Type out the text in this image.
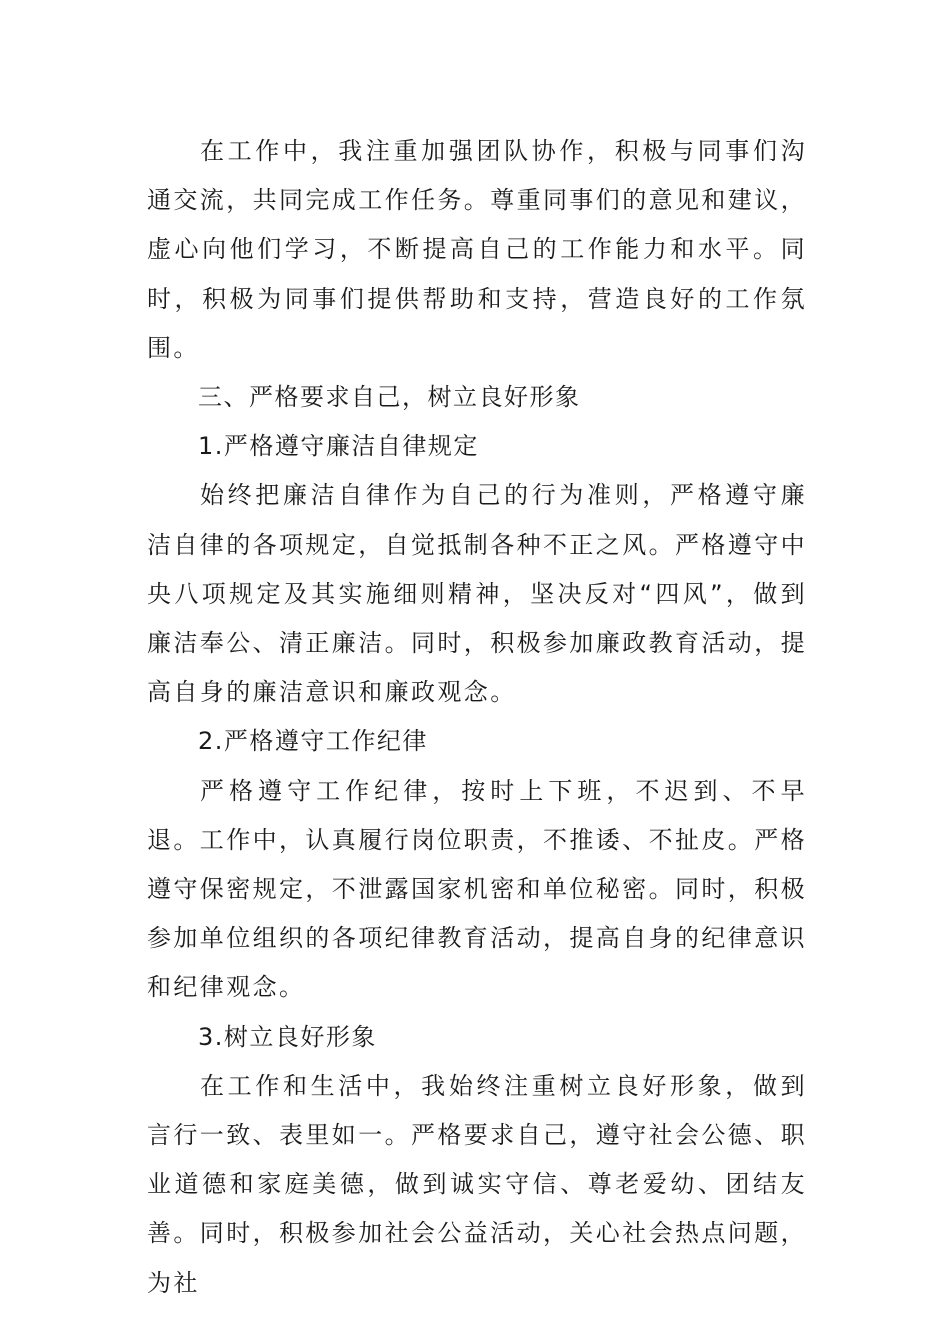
在工作中，我注重加强团队协作，积极与同事们沟通交流，共同完成工作任务。尊重同事们的意见和建议，虚心向他们学习，不断提高自己的工作能力和水平。同时，积极为同事们提供帮助和支持，营造良好的工作氛围。

三、严格要求自己，树立良好形象

1.严格遵守廉洁自律规定

始终把廉洁自律作为自己的行为准则，严格遵守廉洁自律的各项规定，自觉抵制各种不正之风。严格遵守中央八项规定及其实施细则精神，坚决反对“四风”，做到廉洁奉公、清正廉洁。同时，积极参加廉政教育活动，提高自身的廉洁意识和廉政观念。

2.严格遵守工作纪律

严格遵守工作纪律，按时上下班，不迟到、不早退。工作中，认真履行岗位职责，不推诿、不扯皮。严格遵守保密规定，不泄露国家机密和单位秘密。同时，积极参加单位组织的各项纪律教育活动，提高自身的纪律意识和纪律观念。

3.树立良好形象

在工作和生活中，我始终注重树立良好形象，做到言行一致、表里如一。严格要求自己，遵守社会公德、职业道德和家庭美德，做到诚实守信、尊老爱幼、团结友善。同时，积极参加社会公益活动，关心社会热点问题，为社
